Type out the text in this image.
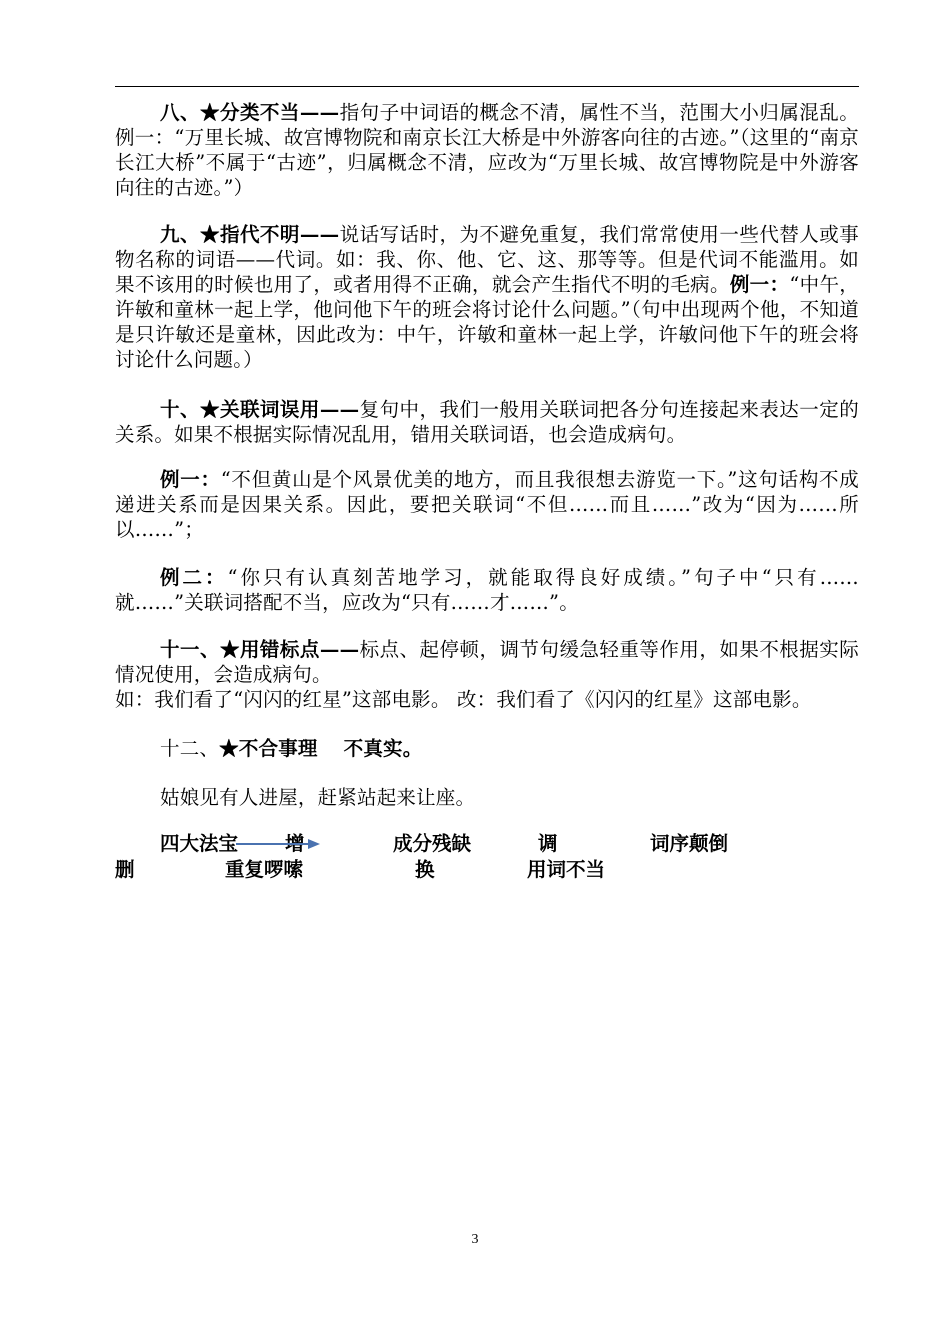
八、★分类不当——指句子中词语的概念不清，属性不当，范围大小归属混乱。例一：“万里长城、故宫博物院和南京长江大桥是中外游客向往的古迹。”（这里的“南京长江大桥”不属于“古迹”，归属概念不清，应改为“万里长城、故宫博物院是中外游客向往的古迹。”）

九、★指代不明——说话写话时，为不避免重复，我们常常使用一些代替人或事物名称的词语——代词。如：我、你、他、它、这、那等等。但是代词不能滥用。如果不该用的时候也用了，或者用得不正确，就会产生指代不明的毛病。例一：“中午，许敏和童林一起上学，他问他下午的班会将讨论什么问题。”（句中出现两个他，不知道是只许敏还是童林，因此改为：中午，许敏和童林一起上学，许敏问他下午的班会将讨论什么问题。）

十、★关联词误用——复句中，我们一般用关联词把各分句连接起来表达一定的关系。如果不根据实际情况乱用，错用关联词语，也会造成病句。

例一：“不但黄山是个风景优美的地方，而且我很想去游览一下。”这句话构不成递进关系而是因果关系。因此，要把关联词“不但……而且……”改为“因为……所以……”；

例二：“你只有认真刻苦地学习，就能取得良好成绩。”句子中“只有……就……”关联词搭配不当，应改为“只有……才……”。

十一、★用错标点——标点、起停顿，调节句缓急轻重等作用，如果不根据实际情况使用，会造成病句。

如：我们看了“闪闪的红星”这部电影。 改：我们看了《闪闪的红星》这部电影。

十二、★不合事理 不真实。

姑娘见有人进屋，赶紧站起来让座。

四大法宝 增	成分残缺	调	词序颠倒
删	重复啰嗦	换	用词不当
3
